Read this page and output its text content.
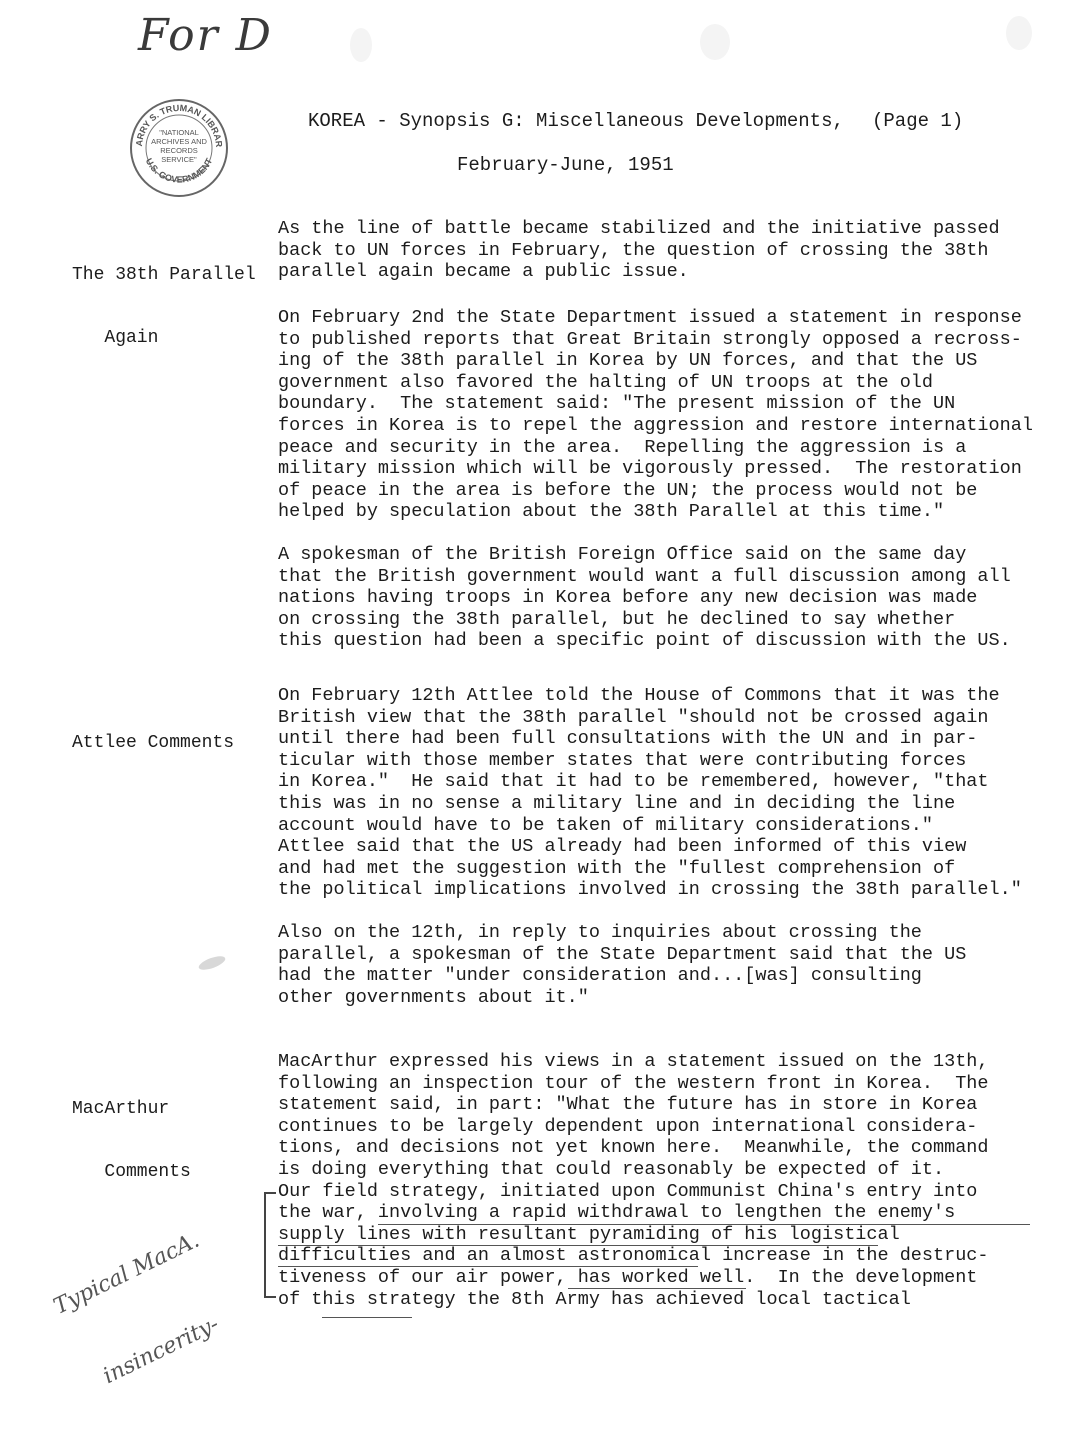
For D
ARRY S. TRUMAN LIBRAR
U.S. GOVERNMENT
"NATIONAL
ARCHIVES AND
RECORDS
SERVICE"
KOREA - Synopsis G: Miscellaneous Developments, (Page 1)
February-June, 1951

The 38th Parallel

Again

As the line of battle became stabilized and the initiative passed
back to UN forces in February, the question of crossing the 38th
parallel again became a public issue.
On February 2nd the State Department issued a statement in response
to published reports that Great Britain strongly opposed a recross-
ing of the 38th parallel in Korea by UN forces, and that the US
government also favored the halting of UN troops at the old
boundary.  The statement said: "The present mission of the UN
forces in Korea is to repel the aggression and restore international
peace and security in the area.  Repelling the aggression is a
military mission which will be vigorously pressed.  The restoration
of peace in the area is before the UN; the process would not be
helped by speculation about the 38th Parallel at this time."
A spokesman of the British Foreign Office said on the same day
that the British government would want a full discussion among all
nations having troops in Korea before any new decision was made
on crossing the 38th parallel, but he declined to say whether
this question had been a specific point of discussion with the US.

Attlee Comments

On February 12th Attlee told the House of Commons that it was the
British view that the 38th parallel "should not be crossed again
until there had been full consultations with the UN and in par-
ticular with those member states that were contributing forces
in Korea."  He said that it had to be remembered, however, "that
this was in no sense a military line and in deciding the line
account would have to be taken of military considerations."
Attlee said that the US already had been informed of this view
and had met the suggestion with the "fullest comprehension of
the political implications involved in crossing the 38th parallel."
Also on the 12th, in reply to inquiries about crossing the
parallel, a spokesman of the State Department said that the US
had the matter "under consideration and...[was] consulting
other governments about it."

MacArthur

Comments

MacArthur expressed his views in a statement issued on the 13th,
following an inspection tour of the western front in Korea.  The
statement said, in part: "What the future has in store in Korea
continues to be largely dependent upon international considera-
tions, and decisions not yet known here.  Meanwhile, the command
is doing everything that could reasonably be expected of it.
Our field strategy, initiated upon Communist China's entry into
the war, involving a rapid withdrawal to lengthen the enemy's
supply lines with resultant pyramiding of his logistical
difficulties and an almost astronomical increase in the destruc-
tiveness of our air power, has worked well.  In the development
of this strategy the 8th Army has achieved local tactical

Typical MacA.

insincerity-
